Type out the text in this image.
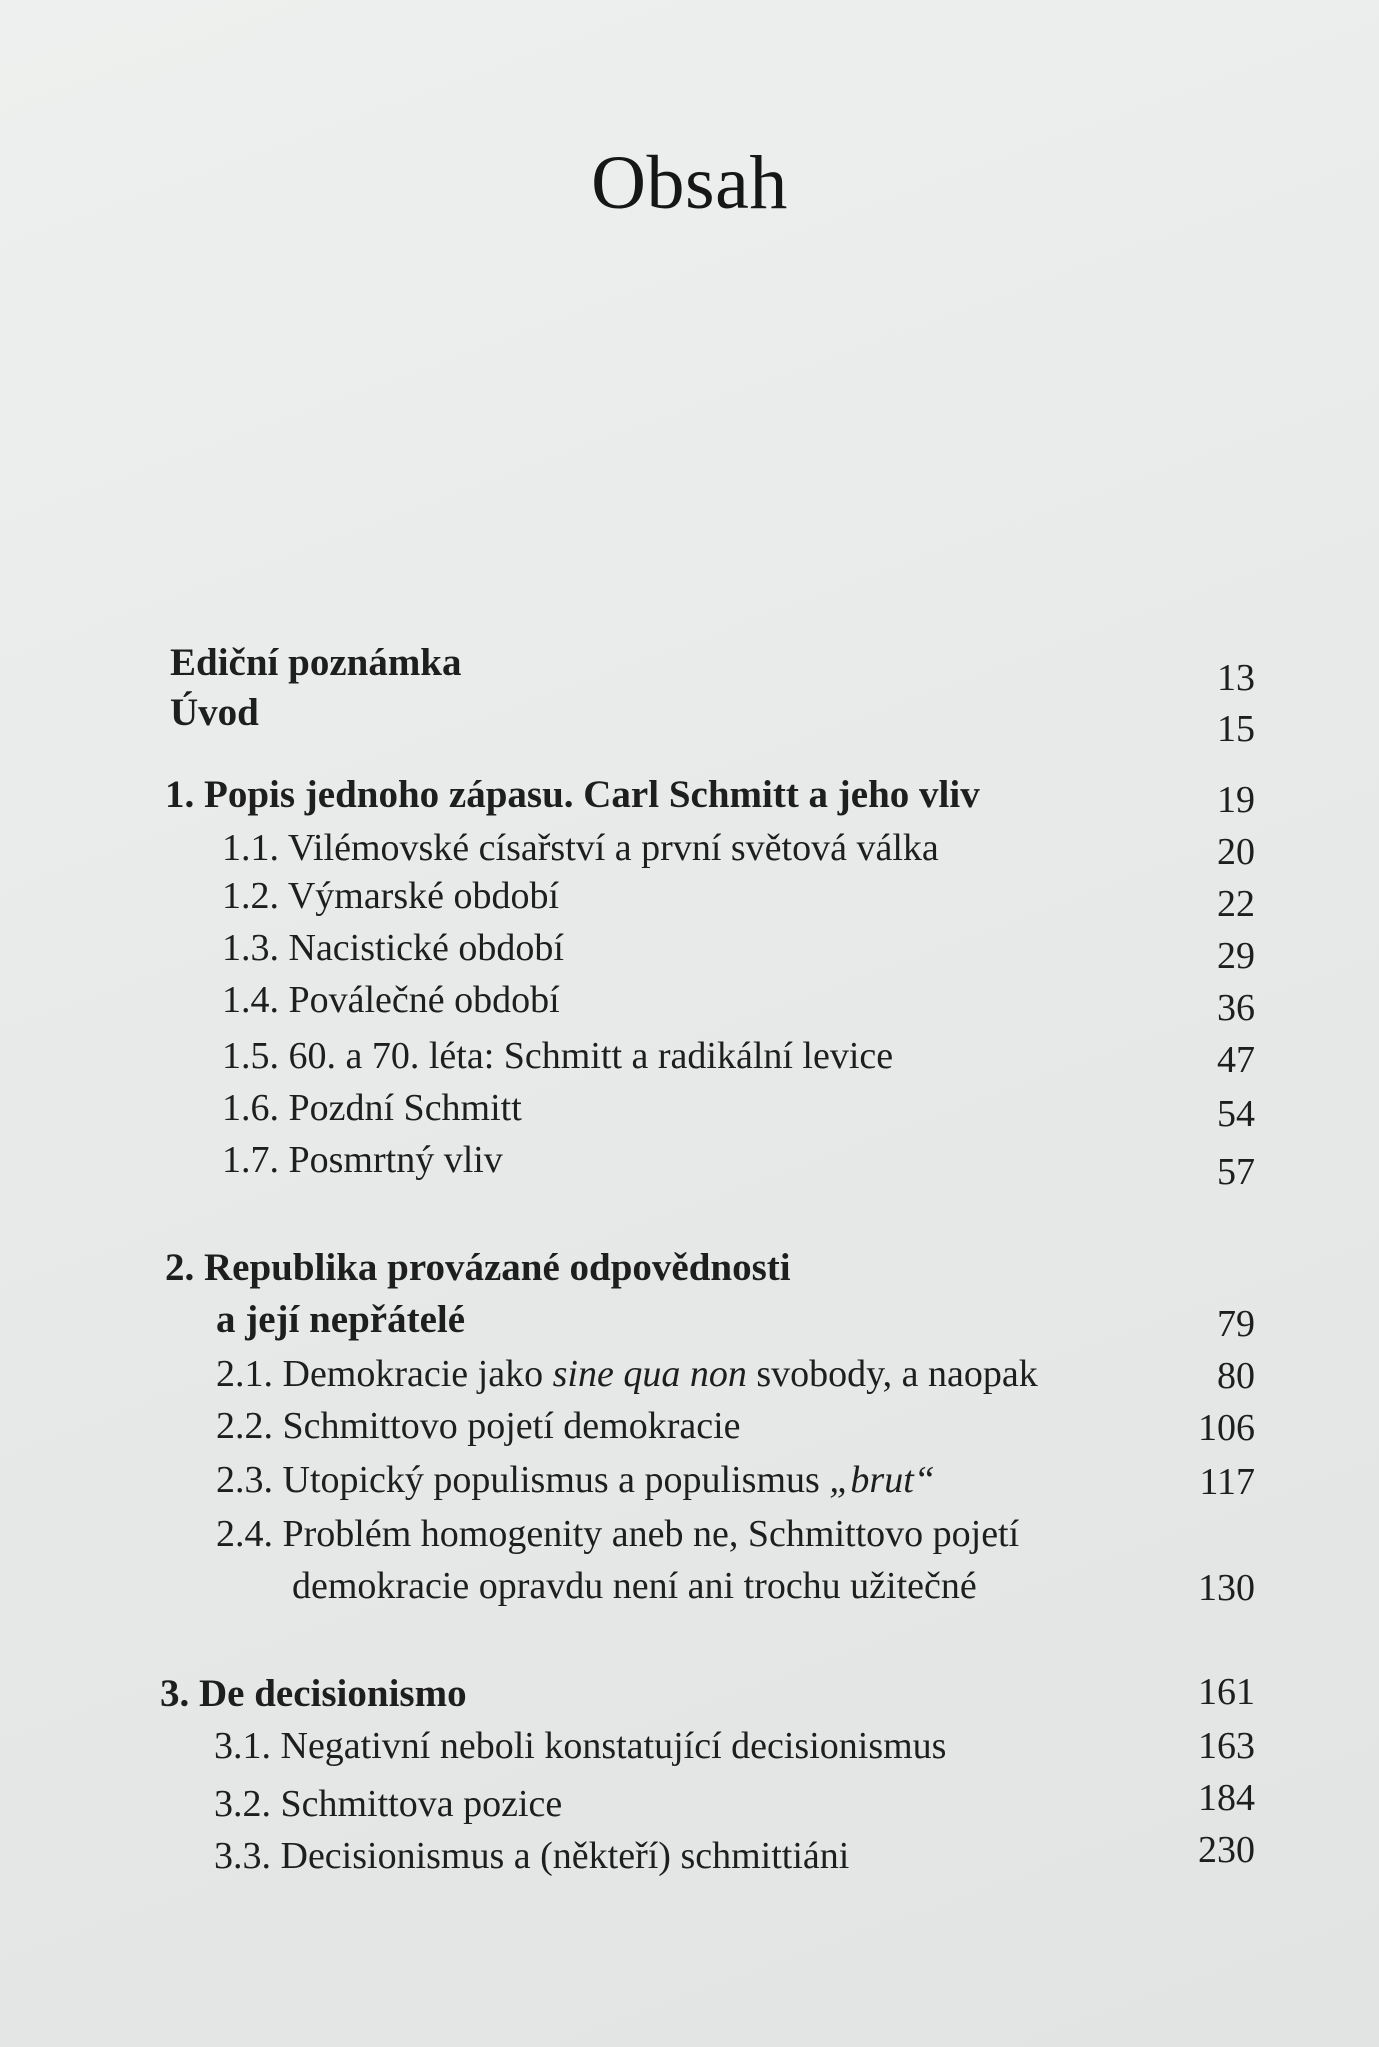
Obsah
Ediční poznámka	13
Úvod	15
1. Popis jednoho zápasu. Carl Schmitt a jeho vliv	19
1.1. Vilémovské císařství a první světová válka	20
1.2. Výmarské období	22
1.3. Nacistické období	29
1.4. Poválečné období	36
1.5. 60. a 70. léta: Schmitt a radikální levice	47
1.6. Pozdní Schmitt	54
1.7. Posmrtný vliv	57
2. Republika provázané odpovědnosti
a její nepřátelé	79
2.1. Demokracie jako sine qua non svobody, a naopak	80
2.2. Schmittovo pojetí demokracie	106
2.3. Utopický populismus a populismus „brut“	117
2.4. Problém homogenity aneb ne, Schmittovo pojetí
demokracie opravdu není ani trochu užitečné	130
3. De decisionismo	161
3.1. Negativní neboli konstatující decisionismus	163
3.2. Schmittova pozice	184
3.3. Decisionismus a (někteří) schmittiáni	230
